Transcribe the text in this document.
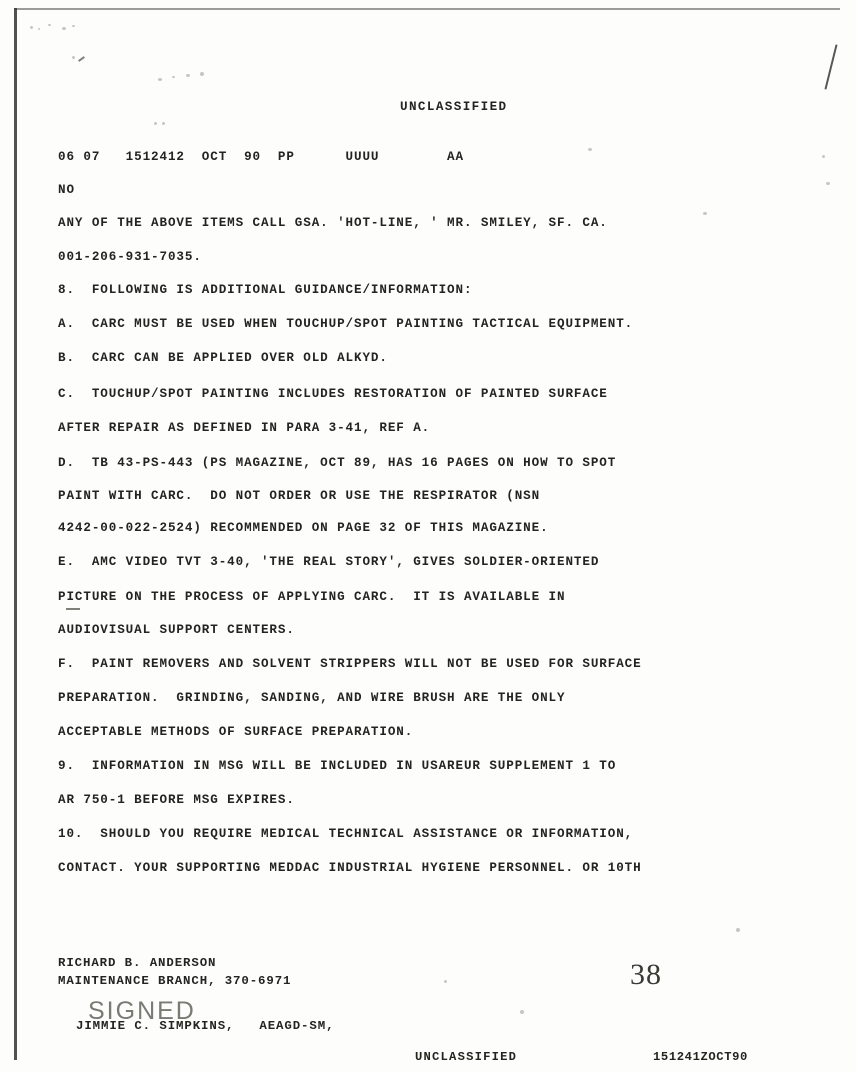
UNCLASSIFIED
06 07   1512412  OCT  90  PP      UUUU        AA
NO
ANY OF THE ABOVE ITEMS CALL GSA. 'HOT-LINE, ' MR. SMILEY, SF. CA.
001-206-931-7035.
8.  FOLLOWING IS ADDITIONAL GUIDANCE/INFORMATION:
A.  CARC MUST BE USED WHEN TOUCHUP/SPOT PAINTING TACTICAL EQUIPMENT.
B.  CARC CAN BE APPLIED OVER OLD ALKYD.
C.  TOUCHUP/SPOT PAINTING INCLUDES RESTORATION OF PAINTED SURFACE
AFTER REPAIR AS DEFINED IN PARA 3-41, REF A.
D.  TB 43-PS-443 (PS MAGAZINE, OCT 89, HAS 16 PAGES ON HOW TO SPOT
PAINT WITH CARC.  DO NOT ORDER OR USE THE RESPIRATOR (NSN
4242-00-022-2524) RECOMMENDED ON PAGE 32 OF THIS MAGAZINE.
E.  AMC VIDEO TVT 3-40, 'THE REAL STORY', GIVES SOLDIER-ORIENTED
PICTURE ON THE PROCESS OF APPLYING CARC.  IT IS AVAILABLE IN
AUDIOVISUAL SUPPORT CENTERS.
F.  PAINT REMOVERS AND SOLVENT STRIPPERS WILL NOT BE USED FOR SURFACE
PREPARATION.  GRINDING, SANDING, AND WIRE BRUSH ARE THE ONLY
ACCEPTABLE METHODS OF SURFACE PREPARATION.
9.  INFORMATION IN MSG WILL BE INCLUDED IN USAREUR SUPPLEMENT 1 TO
AR 750-1 BEFORE MSG EXPIRES.
10.  SHOULD YOU REQUIRE MEDICAL TECHNICAL ASSISTANCE OR INFORMATION,
CONTACT. YOUR SUPPORTING MEDDAC INDUSTRIAL HYGIENE PERSONNEL. OR 10TH
RICHARD B. ANDERSON
MAINTENANCE BRANCH, 370-6971
JIMMIE C. SIMPKINS,   AEAGD-SM,
SIGNED
38
UNCLASSIFIED	151241ZOCT90
